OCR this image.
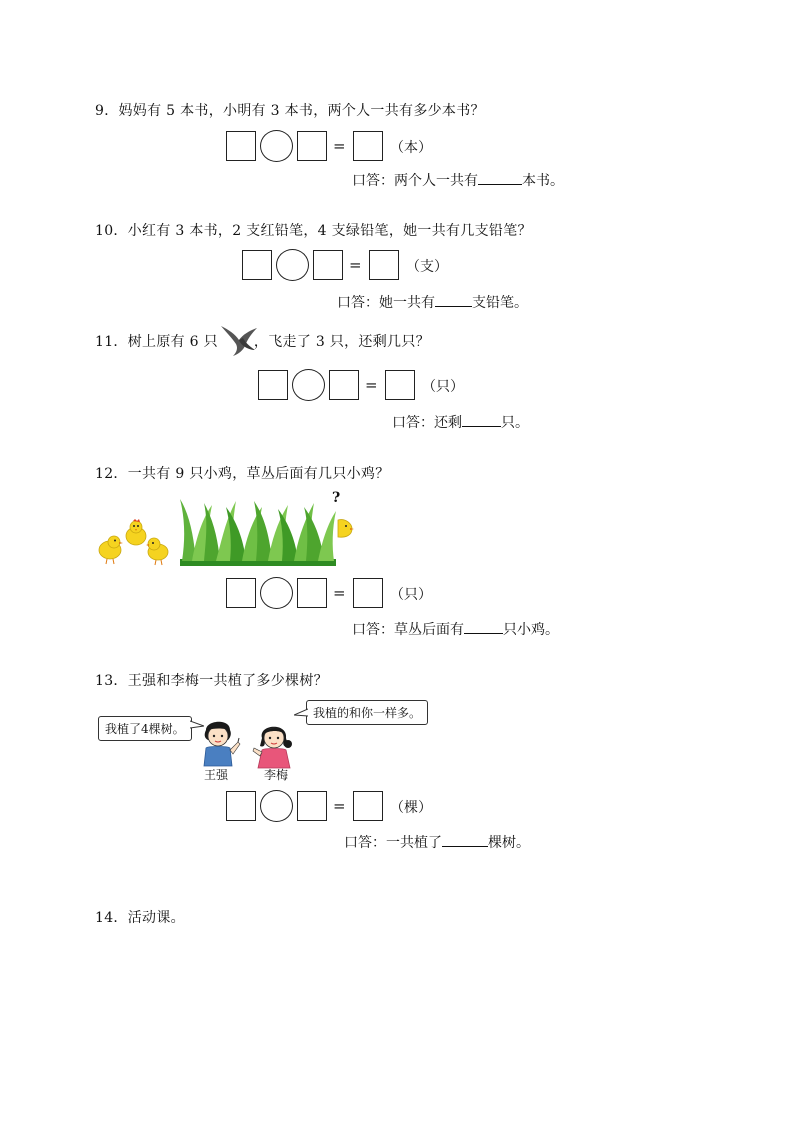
9．妈妈有 5 本书，小明有 3 本书，两个人一共有多少本书？
=	（本）
口答：两个人一共有	本书。
10．小红有 3 本书，2 支红铅笔，4 支绿铅笔，她一共有几支铅笔？
=	（支）
口答：她一共有	支铅笔。
11．树上原有 6 只	，飞走了 3 只，还剩几只？
=	（只）
口答：还剩	只。
12．一共有 9 只小鸡，草丛后面有几只小鸡？
?
=	（只）
口答：草丛后面有	只小鸡。
13．王强和李梅一共植了多少棵树？
我植了4棵树。
我植的和你一样多。
王强	李梅
=	（棵）
口答：一共植了	棵树。
14．活动课。
